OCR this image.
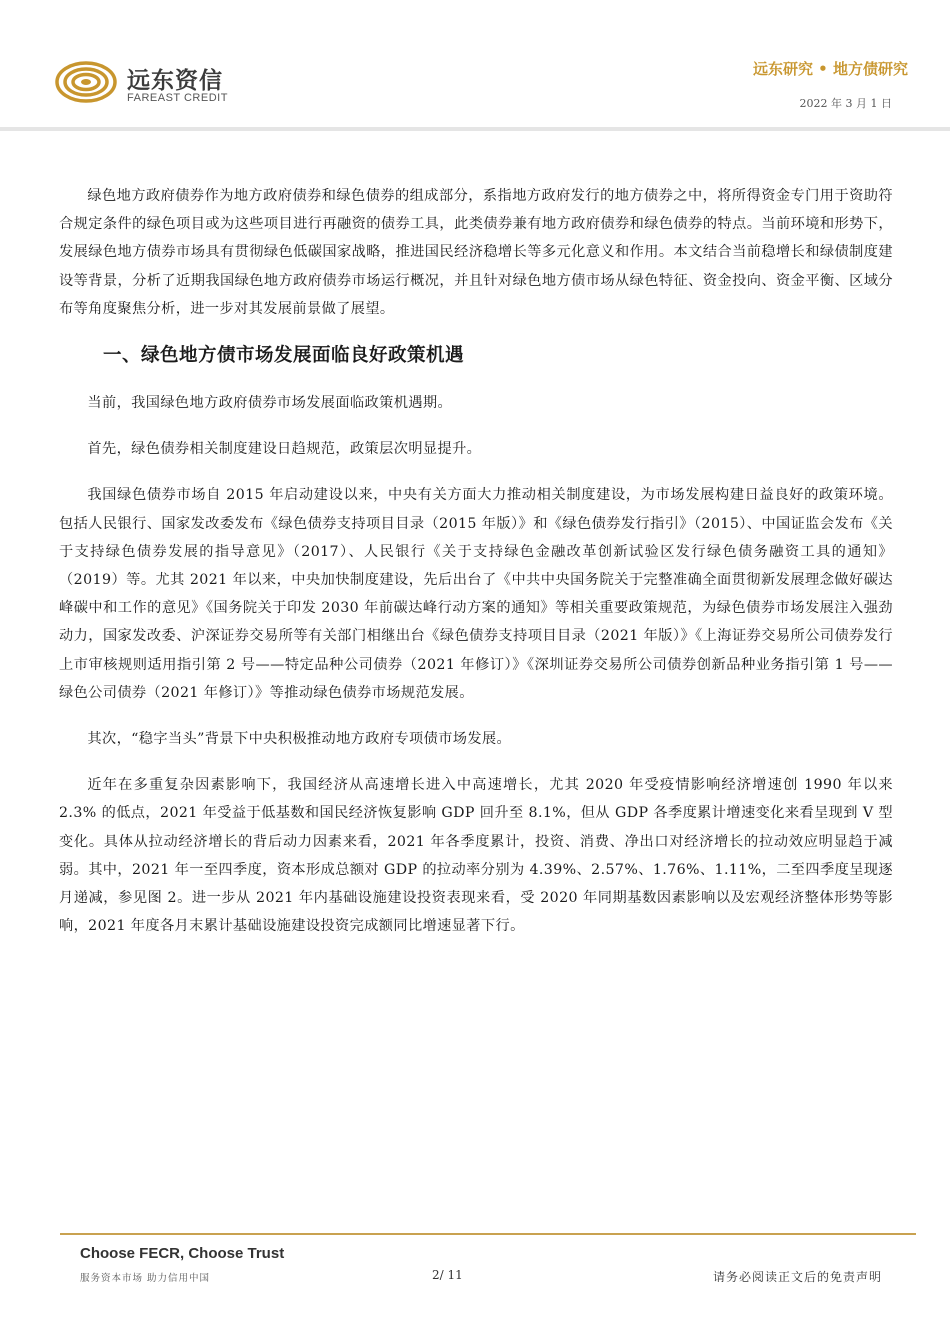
远东资信
FAREAST CREDIT
远东研究 • 地方债研究
2022 年 3 月 1 日

绿色地方政府债券作为地方政府债券和绿色债券的组成部分，系指地方政府发行的地方债券之中，将所得资金专门用于资助符合规定条件的绿色项目或为这些项目进行再融资的债券工具，此类债券兼有地方政府债券和绿色债券的特点。当前环境和形势下，发展绿色地方债券市场具有贯彻绿色低碳国家战略，推进国民经济稳增长等多元化意义和作用。本文结合当前稳增长和绿债制度建设等背景，分析了近期我国绿色地方政府债券市场运行概况，并且针对绿色地方债市场从绿色特征、资金投向、资金平衡、区域分布等角度聚焦分析，进一步对其发展前景做了展望。

一、绿色地方债市场发展面临良好政策机遇

当前，我国绿色地方政府债券市场发展面临政策机遇期。

首先，绿色债券相关制度建设日趋规范，政策层次明显提升。

我国绿色债券市场自 2015 年启动建设以来，中央有关方面大力推动相关制度建设，为市场发展构建日益良好的政策环境。包括人民银行、国家发改委发布《绿色债券支持项目目录（2015 年版）》和《绿色债券发行指引》（2015）、中国证监会发布《关于支持绿色债券发展的指导意见》（2017）、人民银行《关于支持绿色金融改革创新试验区发行绿色债务融资工具的通知》（2019）等。尤其 2021 年以来，中央加快制度建设，先后出台了《中共中央国务院关于完整准确全面贯彻新发展理念做好碳达峰碳中和工作的意见》《国务院关于印发 2030 年前碳达峰行动方案的通知》等相关重要政策规范，为绿色债券市场发展注入强劲动力，国家发改委、沪深证券交易所等有关部门相继出台《绿色债券支持项目目录（2021 年版）》《上海证券交易所公司债券发行上市审核规则适用指引第 2 号——特定品种公司债券（2021 年修订）》《深圳证券交易所公司债券创新品种业务指引第 1 号——绿色公司债券（2021 年修订）》等推动绿色债券市场规范发展。

其次，“稳字当头”背景下中央积极推动地方政府专项债市场发展。

近年在多重复杂因素影响下，我国经济从高速增长进入中高速增长，尤其 2020 年受疫情影响经济增速创 1990 年以来 2.3% 的低点，2021 年受益于低基数和国民经济恢复影响 GDP 回升至 8.1%，但从 GDP 各季度累计增速变化来看呈现到 V 型变化。具体从拉动经济增长的背后动力因素来看，2021 年各季度累计，投资、消费、净出口对经济增长的拉动效应明显趋于减弱。其中，2021 年一至四季度，资本形成总额对 GDP 的拉动率分别为 4.39%、2.57%、1.76%、1.11%，二至四季度呈现逐月递减，参见图 2。进一步从 2021 年内基础设施建设投资表现来看，受 2020 年同期基数因素影响以及宏观经济整体形势等影响，2021 年度各月末累计基础设施建设投资完成额同比增速显著下行。

Choose FECR, Choose Trust
服务资本市场 助力信用中国	2/ 11	请务必阅读正文后的免责声明
